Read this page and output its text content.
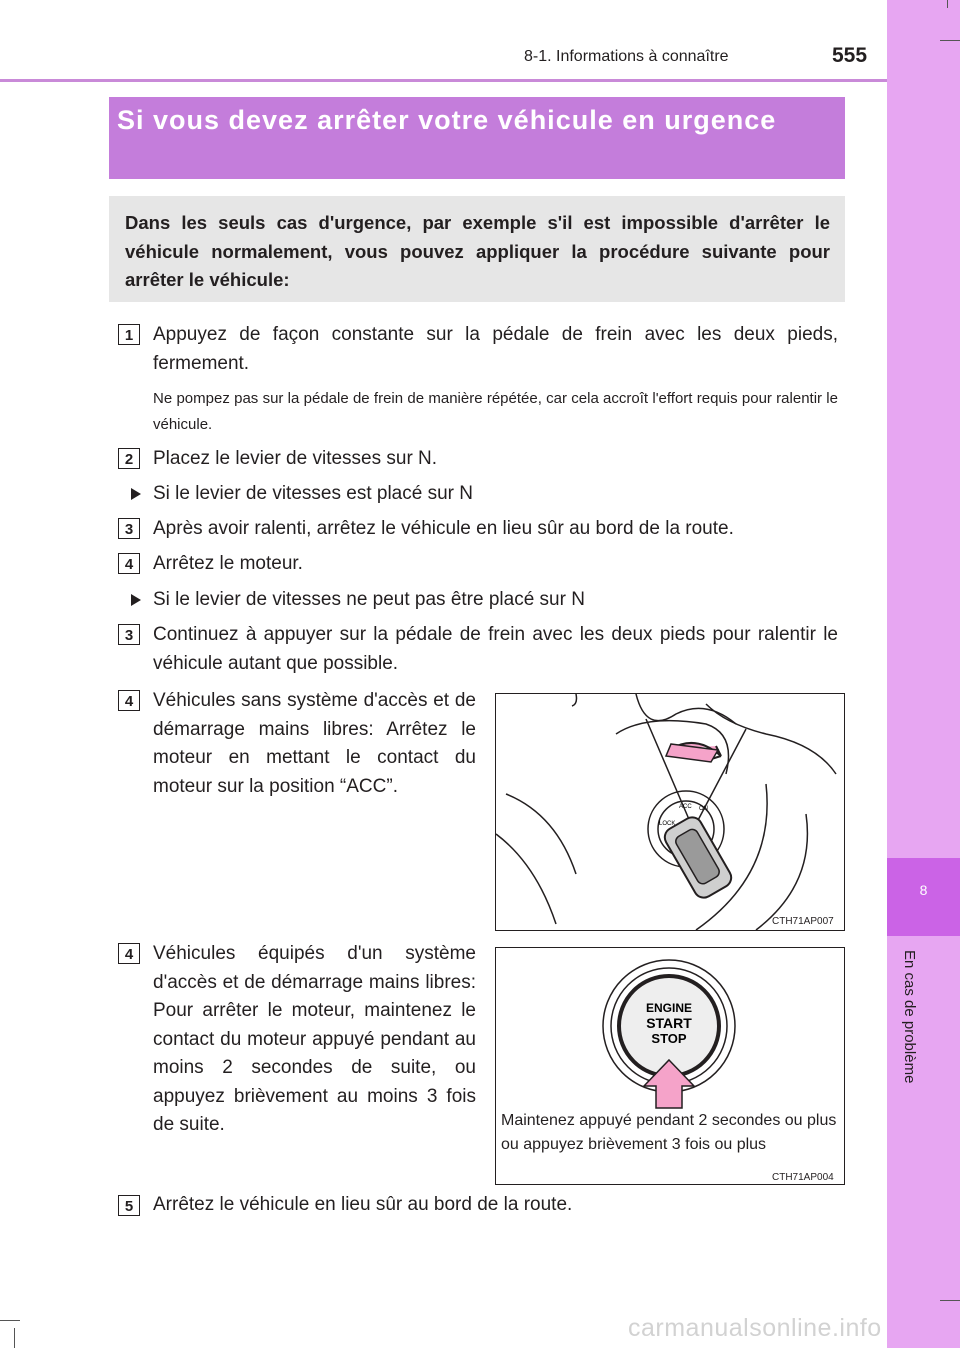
8
En cas de problème
8-1. Informations à connaître	555
Si vous devez arrêter votre véhicule en urgence
Dans les seuls cas d'urgence, par exemple s'il est impossible d'arrêter le véhicule normalement, vous pouvez appliquer la procédure suivante pour arrêter le véhicule:
1	Appuyez de façon constante sur la pédale de frein avec les deux pieds, fermement.
Ne pompez pas sur la pédale de frein de manière répétée, car cela accroît l'effort requis pour ralentir le véhicule.
2	Placez le levier de vitesses sur N.
Si le levier de vitesses est placé sur N
3	Après avoir ralenti, arrêtez le véhicule en lieu sûr au bord de la route.
4	Arrêtez le moteur.
Si le levier de vitesses ne peut pas être placé sur N
3	Continuez à appuyer sur la pédale de frein avec les deux pieds pour ralentir le véhicule autant que possible.
4	Véhicules sans système d'accès et de démarrage mains libres: Arrêtez le moteur en mettant le contact du moteur sur la position “ACC”.
LOCK
ACC ON
CTH71AP007
4	Véhicules équipés d'un système d'accès et de démarrage mains libres: Pour arrêter le moteur, maintenez le contact du moteur appuyé pendant au moins 2 secondes de suite, ou appuyez brièvement au moins 3 fois de suite.
ENGINE
START
STOP
Maintenez appuyé pendant 2 secondes ou plus ou appuyez brièvement 3 fois ou plus
CTH71AP004
5	Arrêtez le véhicule en lieu sûr au bord de la route.
carmanualsonline.info
